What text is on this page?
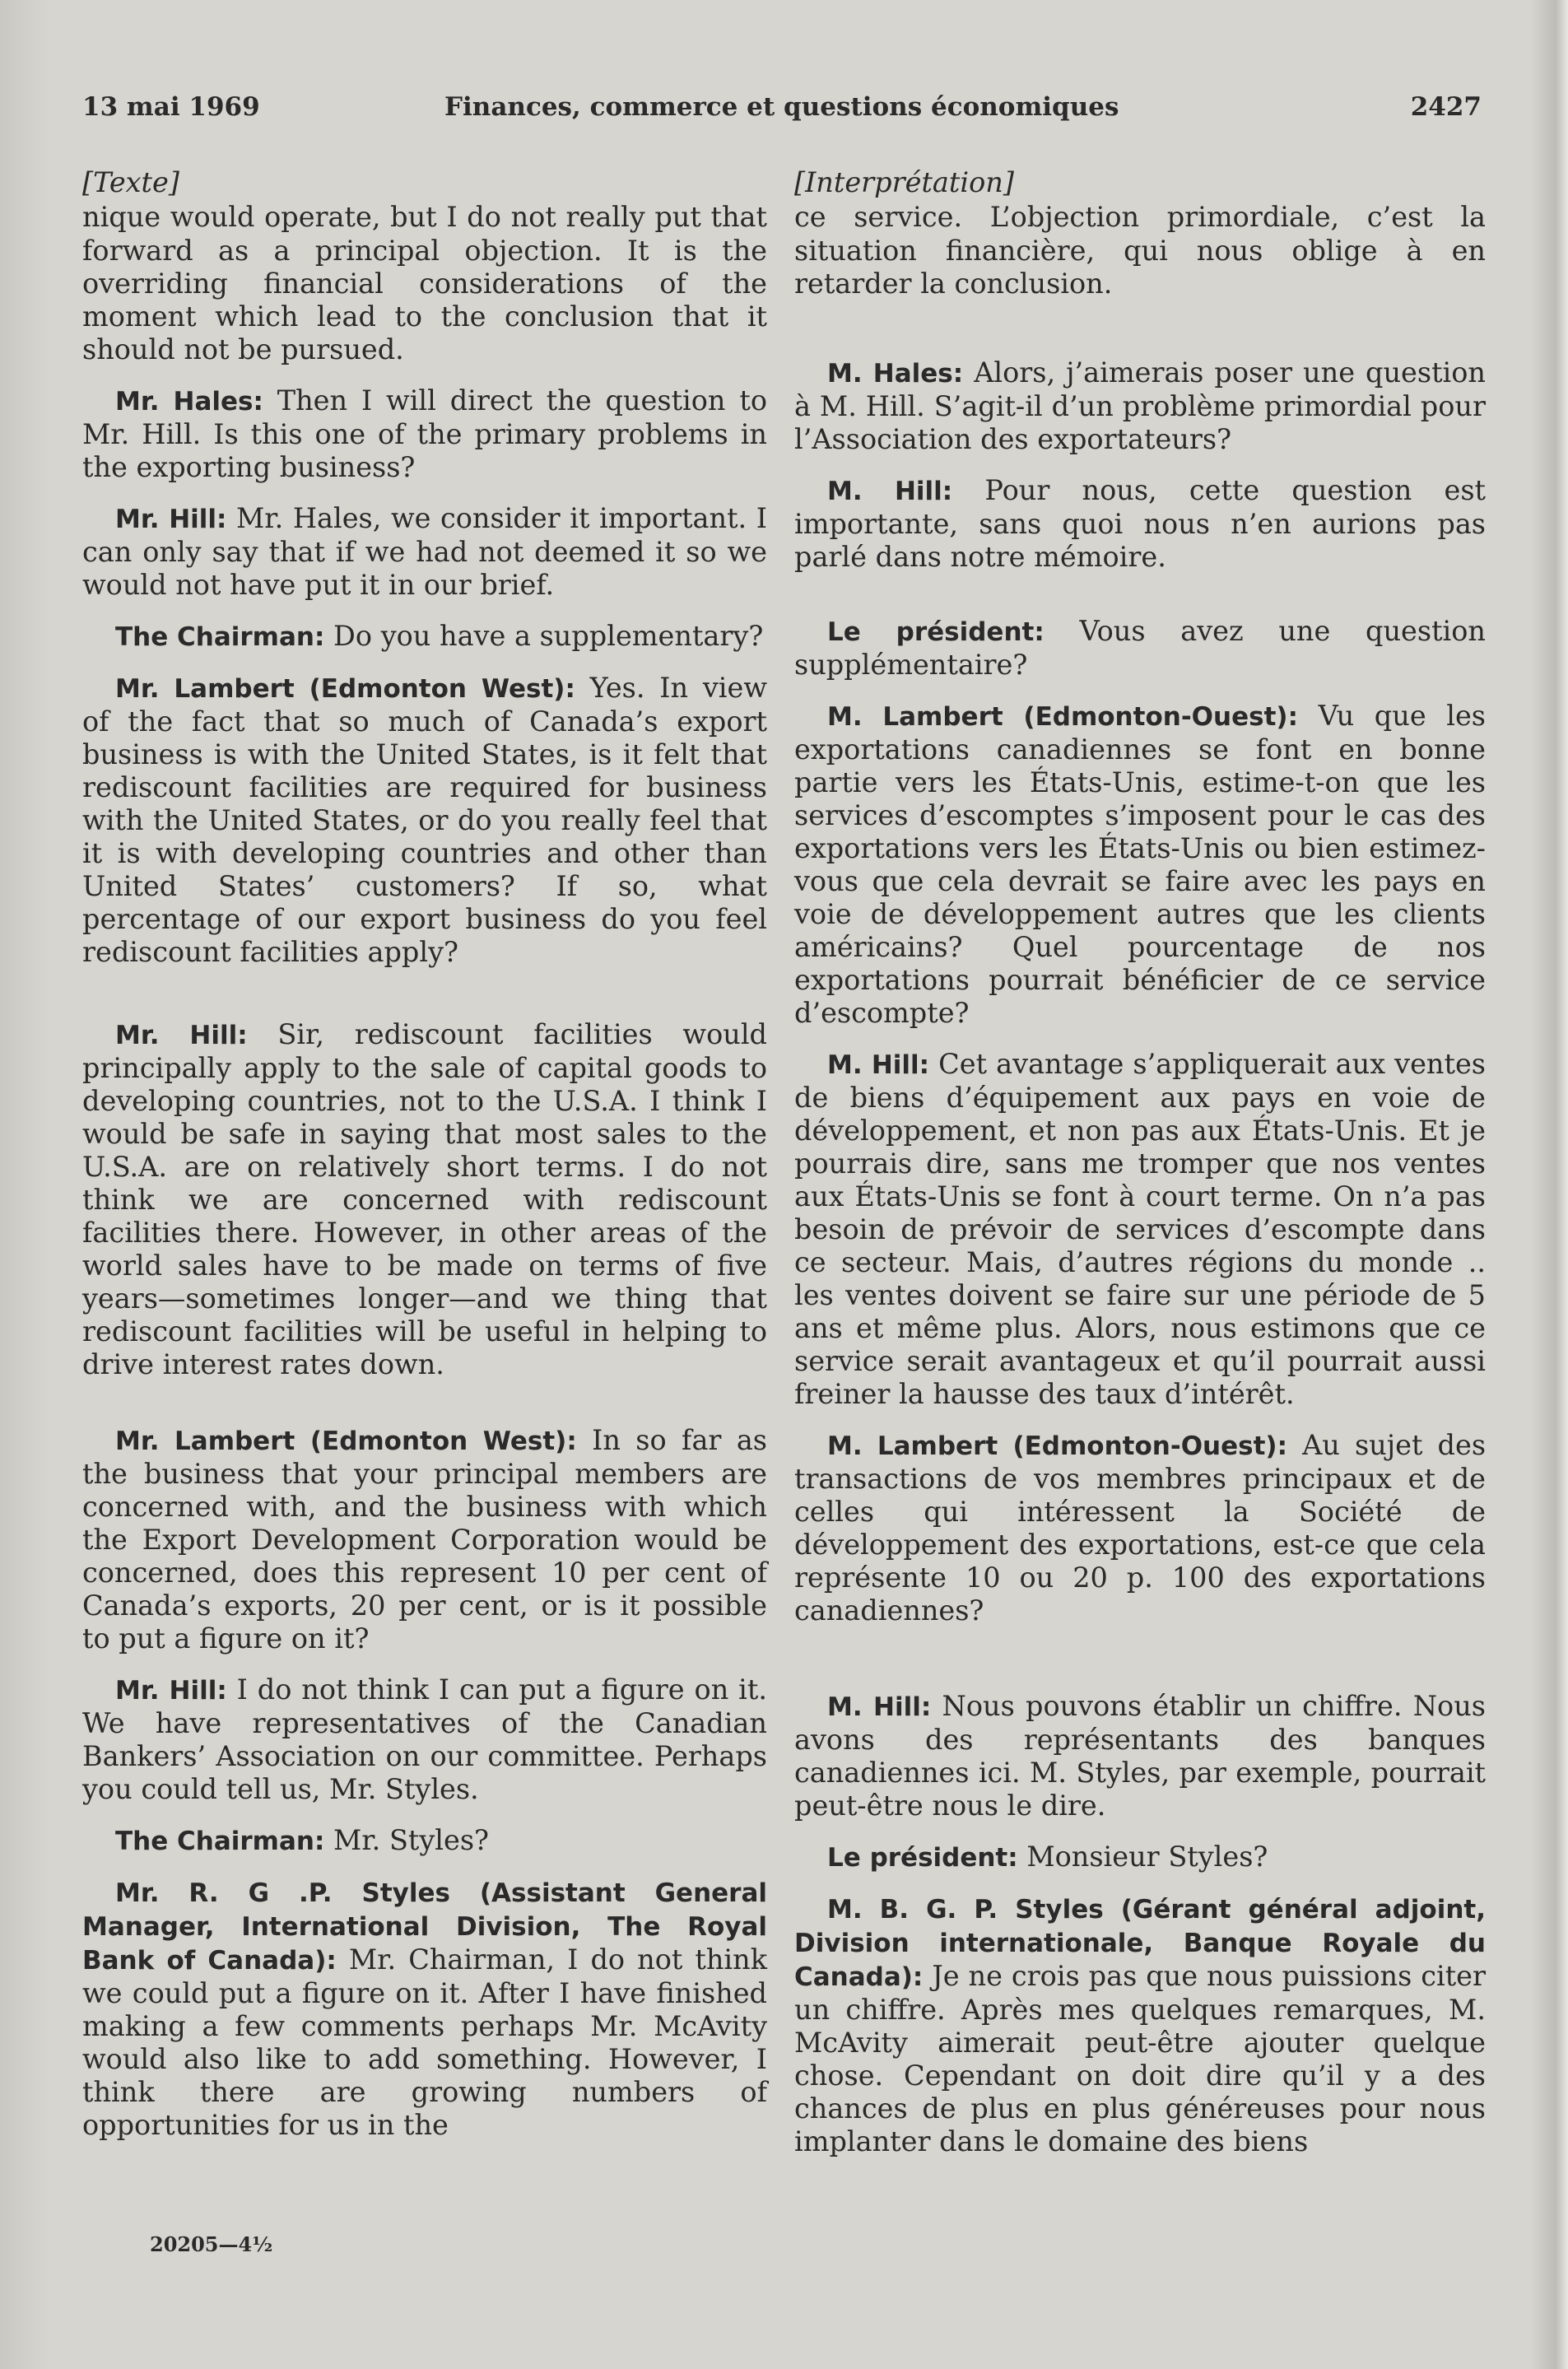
13 mai 1969	Finances, commerce et questions économiques	2427
[Texte]

nique would operate, but I do not really put that forward as a principal objection. It is the overriding financial considerations of the moment which lead to the conclusion that it should not be pursued.

Mr. Hales: Then I will direct the question to Mr. Hill. Is this one of the primary problems in the exporting business?

Mr. Hill: Mr. Hales, we consider it important. I can only say that if we had not deemed it so we would not have put it in our brief.

The Chairman: Do you have a supplementary?

Mr. Lambert (Edmonton West): Yes. In view of the fact that so much of Canada’s export business is with the United States, is it felt that rediscount facilities are required for business with the United States, or do you really feel that it is with developing countries and other than United States’ customers? If so, what percentage of our export business do you feel rediscount facilities apply?

Mr. Hill: Sir, rediscount facilities would principally apply to the sale of capital goods to developing countries, not to the U.S.A. I think I would be safe in saying that most sales to the U.S.A. are on relatively short terms. I do not think we are concerned with rediscount facilities there. However, in other areas of the world sales have to be made on terms of five years—sometimes longer—and we thing that rediscount facilities will be useful in helping to drive interest rates down.

Mr. Lambert (Edmonton West): In so far as the business that your principal members are concerned with, and the business with which the Export Development Corporation would be concerned, does this represent 10 per cent of Canada’s exports, 20 per cent, or is it possible to put a figure on it?

Mr. Hill: I do not think I can put a figure on it. We have representatives of the Canadian Bankers’ Association on our committee. Perhaps you could tell us, Mr. Styles.

The Chairman: Mr. Styles?

Mr. R. G .P. Styles (Assistant General Manager, International Division, The Royal Bank of Canada): Mr. Chairman, I do not think we could put a figure on it. After I have finished making a few comments perhaps Mr. McAvity would also like to add something. However, I think there are growing numbers of opportunities for us in the

[Interprétation]

ce service. L’objection primordiale, c’est la situation financière, qui nous oblige à en retarder la conclusion.

M. Hales: Alors, j’aimerais poser une question à M. Hill. S’agit-il d’un problème primordial pour l’Association des exportateurs?

M. Hill: Pour nous, cette question est importante, sans quoi nous n’en aurions pas parlé dans notre mémoire.

Le président: Vous avez une question supplémentaire?

M. Lambert (Edmonton-Ouest): Vu que les exportations canadiennes se font en bonne partie vers les États-Unis, estime-t-on que les services d’escomptes s’imposent pour le cas des exportations vers les États-Unis ou bien estimez-vous que cela devrait se faire avec les pays en voie de développement autres que les clients américains? Quel pourcentage de nos exportations pourrait bénéficier de ce service d’escompte?

M. Hill: Cet avantage s’appliquerait aux ventes de biens d’équipement aux pays en voie de développement, et non pas aux États-Unis. Et je pourrais dire, sans me tromper que nos ventes aux États-Unis se font à court terme. On n’a pas besoin de prévoir de services d’escompte dans ce secteur. Mais, d’autres régions du monde .. les ventes doivent se faire sur une période de 5 ans et même plus. Alors, nous estimons que ce service serait avantageux et qu’il pourrait aussi freiner la hausse des taux d’intérêt.

M. Lambert (Edmonton-Ouest): Au sujet des transactions de vos membres principaux et de celles qui intéressent la Société de développement des exportations, est-ce que cela représente 10 ou 20 p. 100 des exportations canadiennes?

M. Hill: Nous pouvons établir un chiffre. Nous avons des représentants des banques canadiennes ici. M. Styles, par exemple, pourrait peut-être nous le dire.

Le président: Monsieur Styles?

M. B. G. P. Styles (Gérant général adjoint, Division internationale, Banque Royale du Canada): Je ne crois pas que nous puissions citer un chiffre. Après mes quelques remarques, M. McAvity aimerait peut-être ajouter quelque chose. Cependant on doit dire qu’il y a des chances de plus en plus généreuses pour nous implanter dans le domaine des biens

20205—4½
